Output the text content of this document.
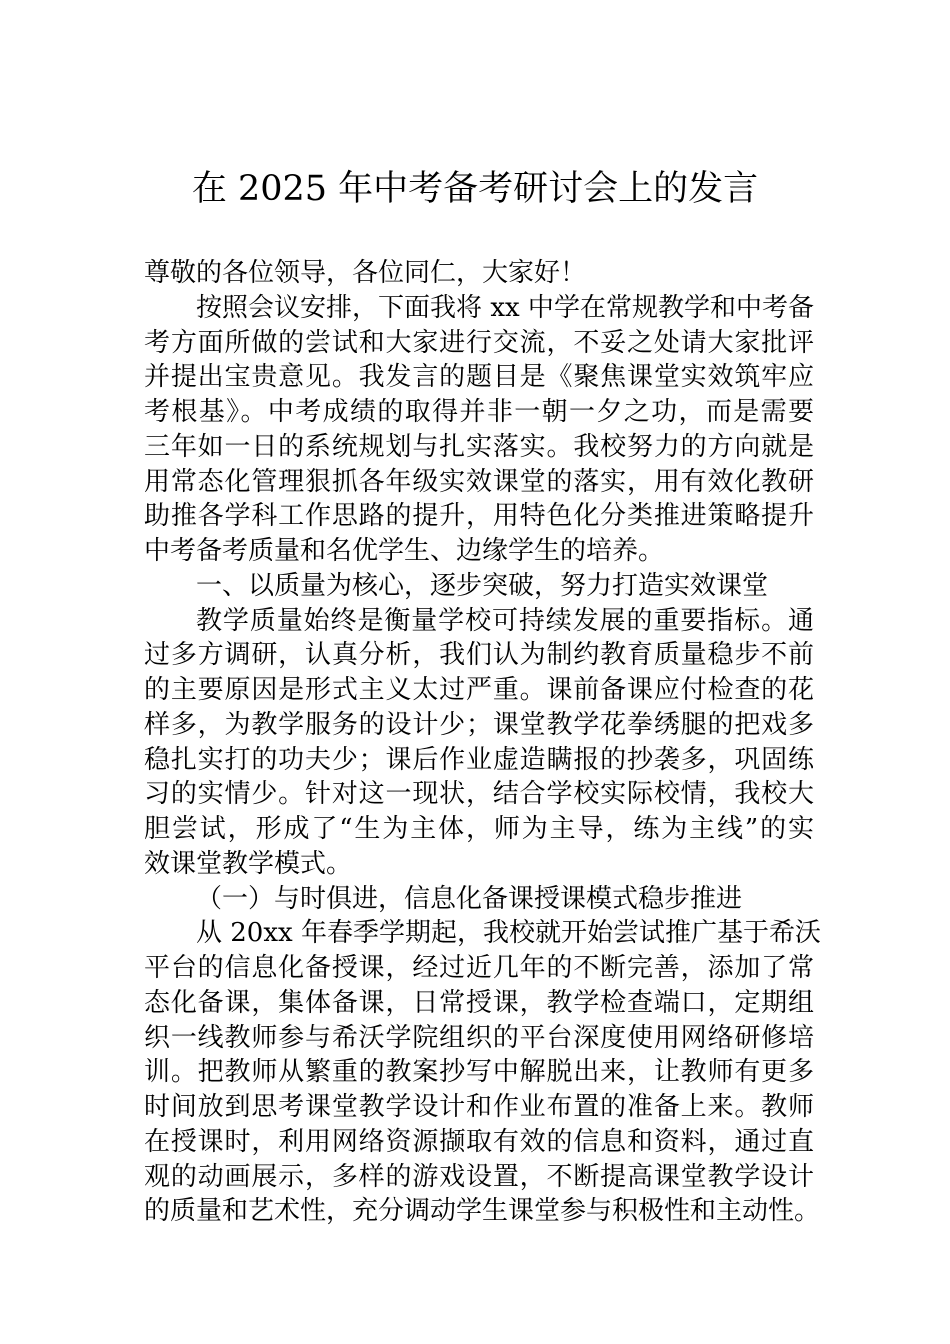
在 2025 年中考备考研讨会上的发言
尊敬的各位领导，各位同仁，大家好！
按照会议安排，下面我将 xx 中学在常规教学和中考备
考方面所做的尝试和大家进行交流，不妥之处请大家批评
并提出宝贵意见。我发言的题目是《聚焦课堂实效筑牢应
考根基》。中考成绩的取得并非一朝一夕之功，而是需要
三年如一日的系统规划与扎实落实。我校努力的方向就是
用常态化管理狠抓各年级实效课堂的落实，用有效化教研
助推各学科工作思路的提升，用特色化分类推进策略提升
中考备考质量和名优学生、边缘学生的培养。
一、以质量为核心，逐步突破，努力打造实效课堂
教学质量始终是衡量学校可持续发展的重要指标。通
过多方调研，认真分析，我们认为制约教育质量稳步不前
的主要原因是形式主义太过严重。课前备课应付检查的花
样多，为教学服务的设计少；课堂教学花拳绣腿的把戏多
稳扎实打的功夫少；课后作业虚造瞒报的抄袭多，巩固练
习的实情少。针对这一现状，结合学校实际校情，我校大
胆尝试，形成了“生为主体，师为主导，练为主线”的实
效课堂教学模式。
（一）与时俱进，信息化备课授课模式稳步推进
从 20xx 年春季学期起，我校就开始尝试推广基于希沃
平台的信息化备授课，经过近几年的不断完善，添加了常
态化备课，集体备课，日常授课，教学检查端口，定期组
织一线教师参与希沃学院组织的平台深度使用网络研修培
训。把教师从繁重的教案抄写中解脱出来，让教师有更多
时间放到思考课堂教学设计和作业布置的准备上来。教师
在授课时，利用网络资源撷取有效的信息和资料，通过直
观的动画展示，多样的游戏设置，不断提高课堂教学设计
的质量和艺术性，充分调动学生课堂参与积极性和主动性。
